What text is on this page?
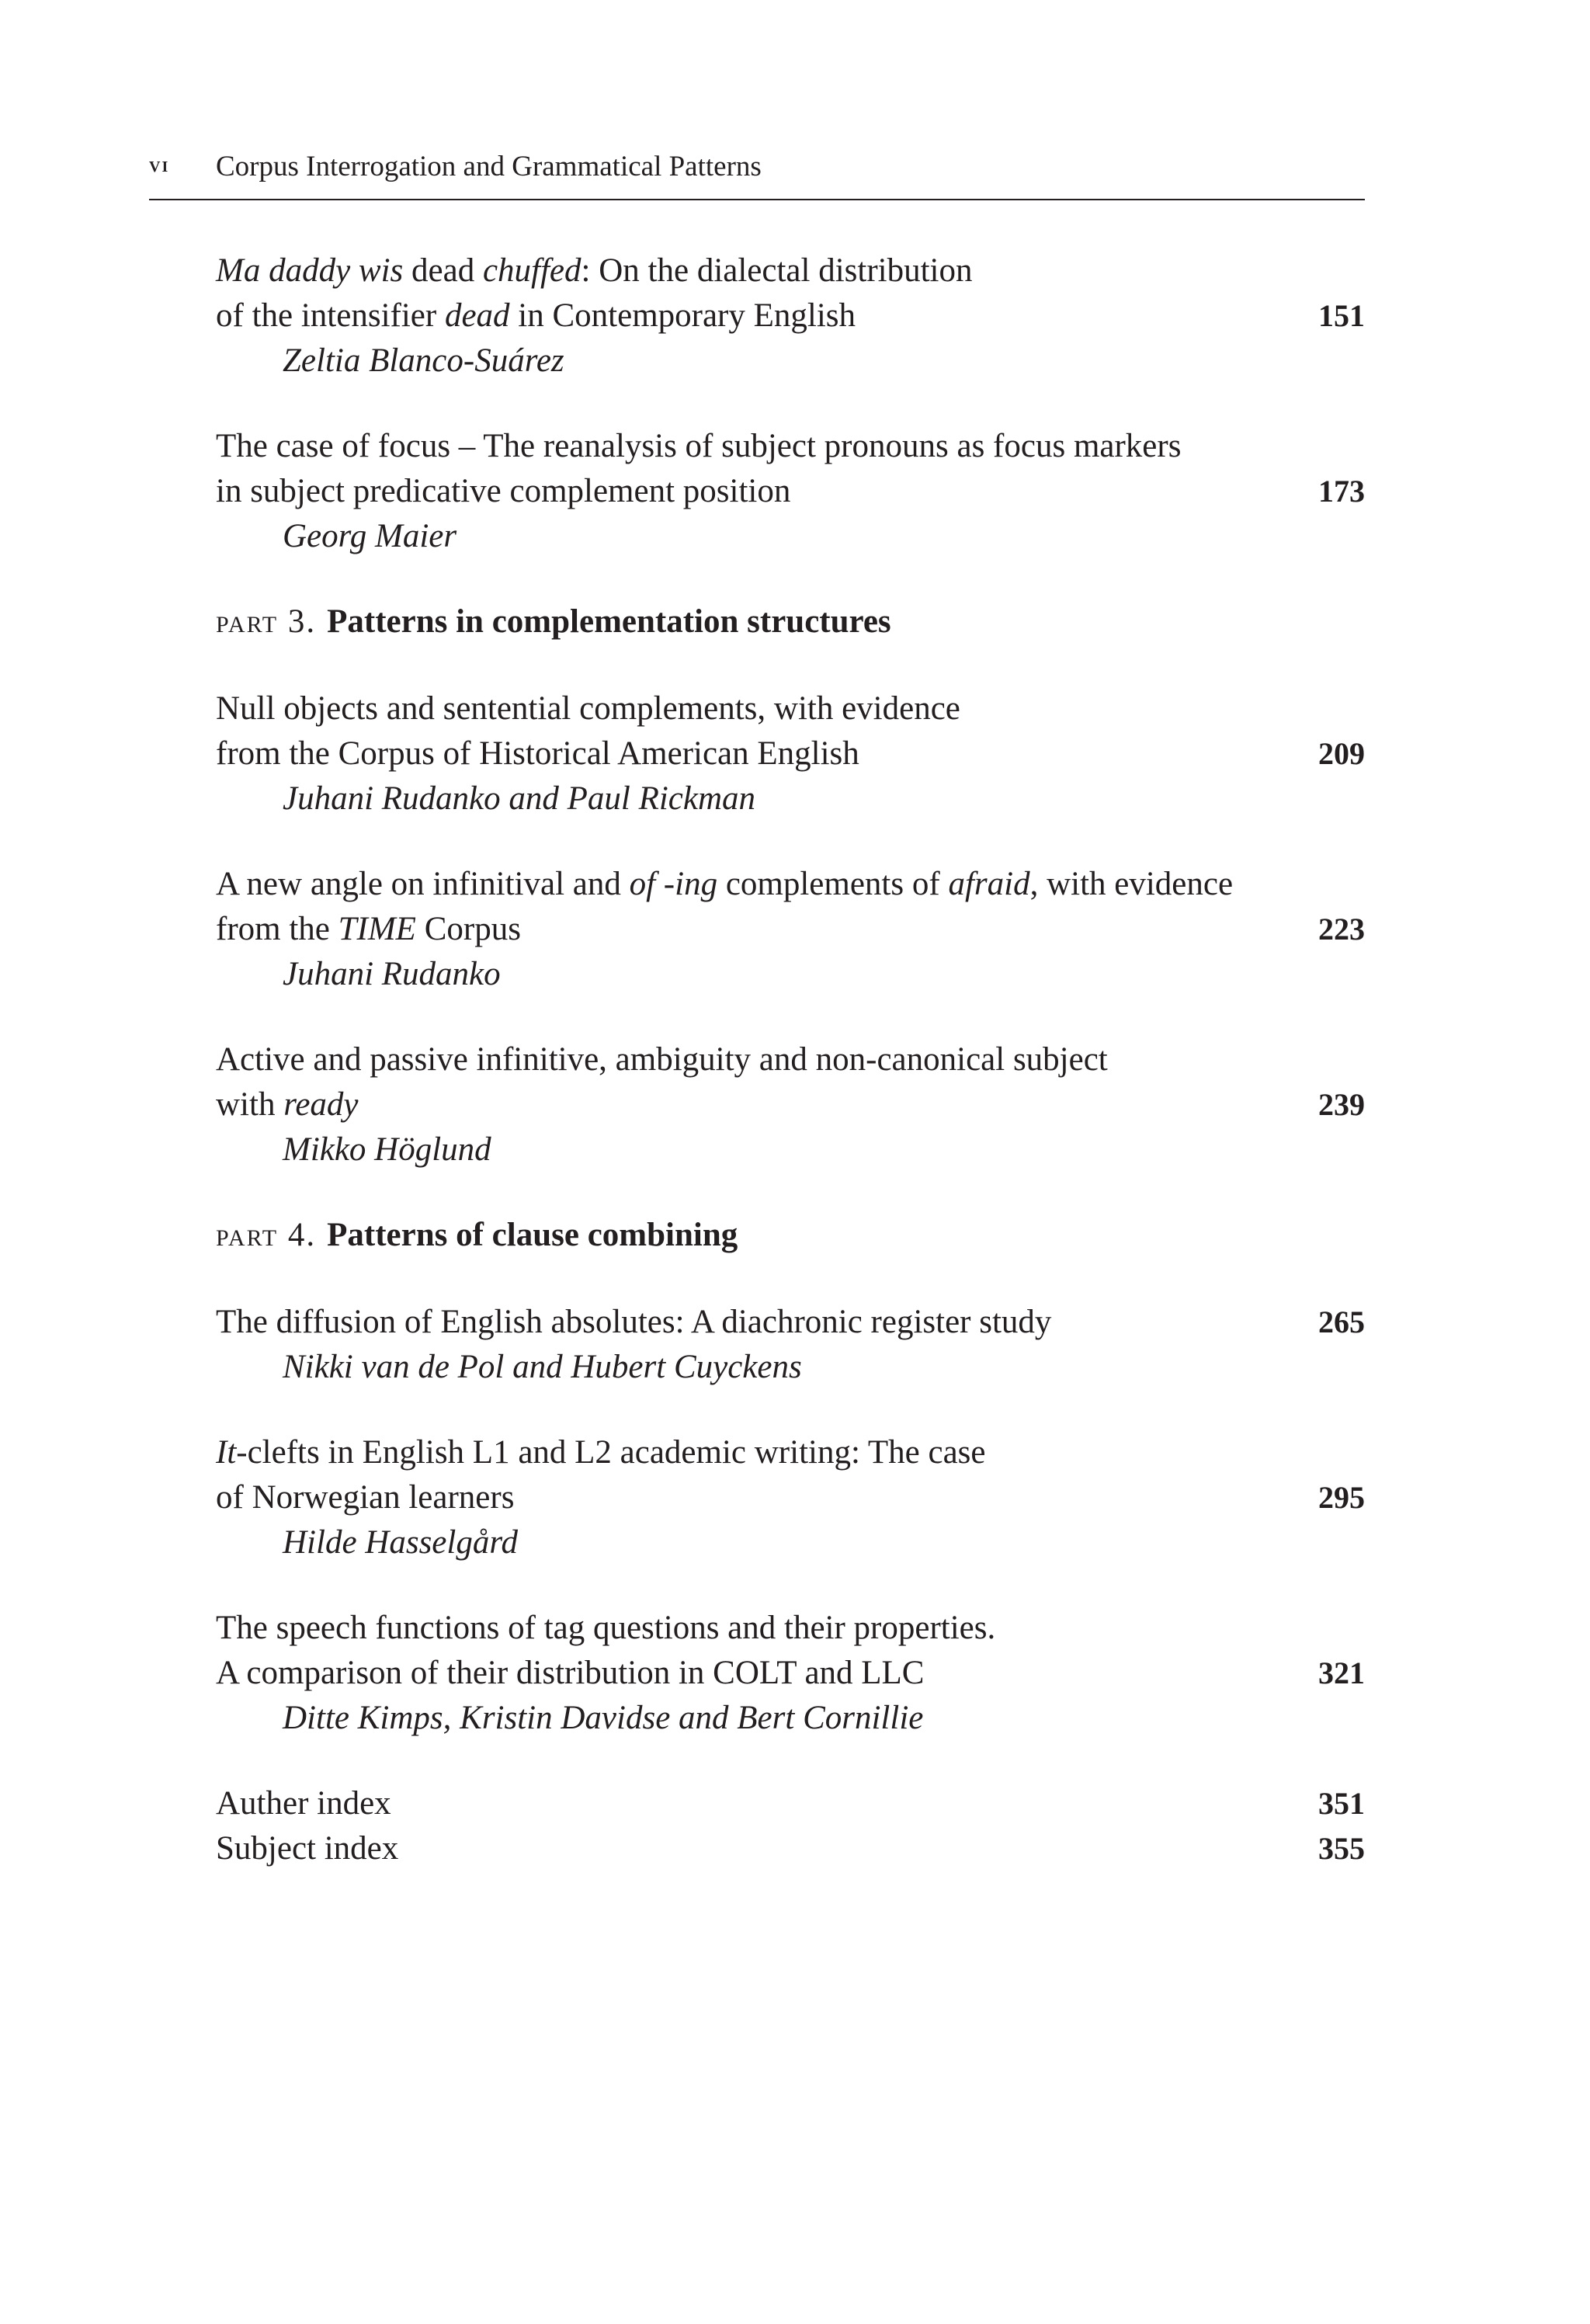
vi Corpus Interrogation and Grammatical Patterns
Ma daddy wis dead chuffed: On the dialectal distribution
of the intensifier dead in Contemporary English	151
Zeltia Blanco-Suárez
The case of focus – The reanalysis of subject pronouns as focus markers
in subject predicative complement position	173
Georg Maier
part 3. Patterns in complementation structures
Null objects and sentential complements, with evidence
from the Corpus of Historical American English	209
Juhani Rudanko and Paul Rickman
A new angle on infinitival and of -ing complements of afraid, with evidence
from the TIME Corpus	223
Juhani Rudanko
Active and passive infinitive, ambiguity and non-canonical subject
with ready	239
Mikko Höglund
part 4. Patterns of clause combining
The diffusion of English absolutes: A diachronic register study	265
Nikki van de Pol and Hubert Cuyckens
It-clefts in English L1 and L2 academic writing: The case
of Norwegian learners	295
Hilde Hasselgård
The speech functions of tag questions and their properties.
A comparison of their distribution in COLT and LLC	321
Ditte Kimps, Kristin Davidse and Bert Cornillie
Auther index	351
Subject index	355
